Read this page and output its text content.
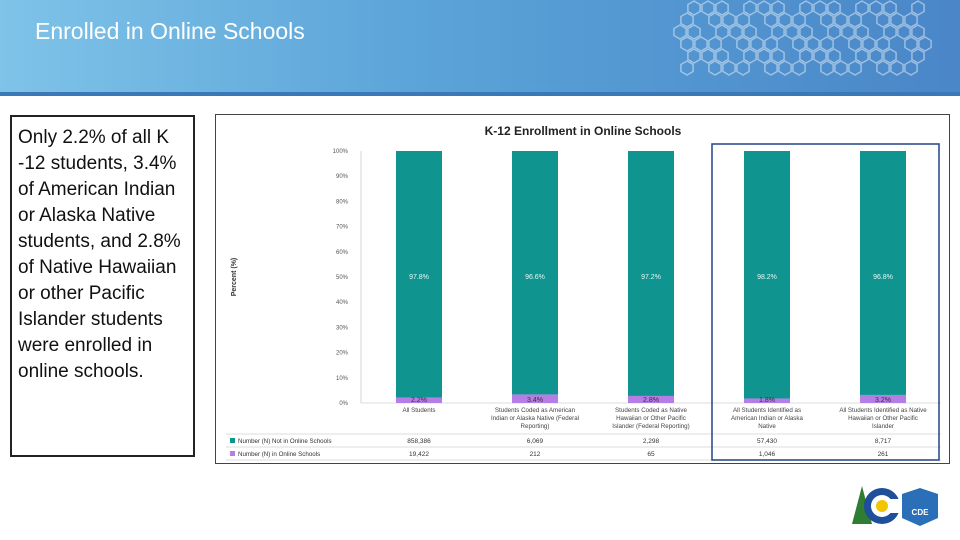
Enrolled in Online Schools
Only 2.2% of all K -12 students, 3.4% of American Indian or Alaska Native students, and 2.8% of Native Hawaiian or other Pacific Islander students were enrolled in online schools.
K-12 Enrollment in Online Schools
Percent (%)
100%
90%
80%
70%
60%
50%
40%
30%
20%
10%
0%
97.8%
2.2%
All Students
96.6%
3.4%
Students Coded as American
Indian or Alaska Native (Federal
Reporting)
97.2%
2.8%
Students Coded as Native
Hawaiian or Other Pacific
Islander (Federal Reporting)
98.2%
1.8%
All Students Identified as
American Indian or Alaska
Native
96.8%
3.2%
All Students Identified as Native
Hawaiian or Other Pacific
Islander
Number (N) Not in Online Schools	858,386	6,069	2,298	57,430	8,717
Number (N) in Online Schools	19,422	212	65	1,046	261
CDE
